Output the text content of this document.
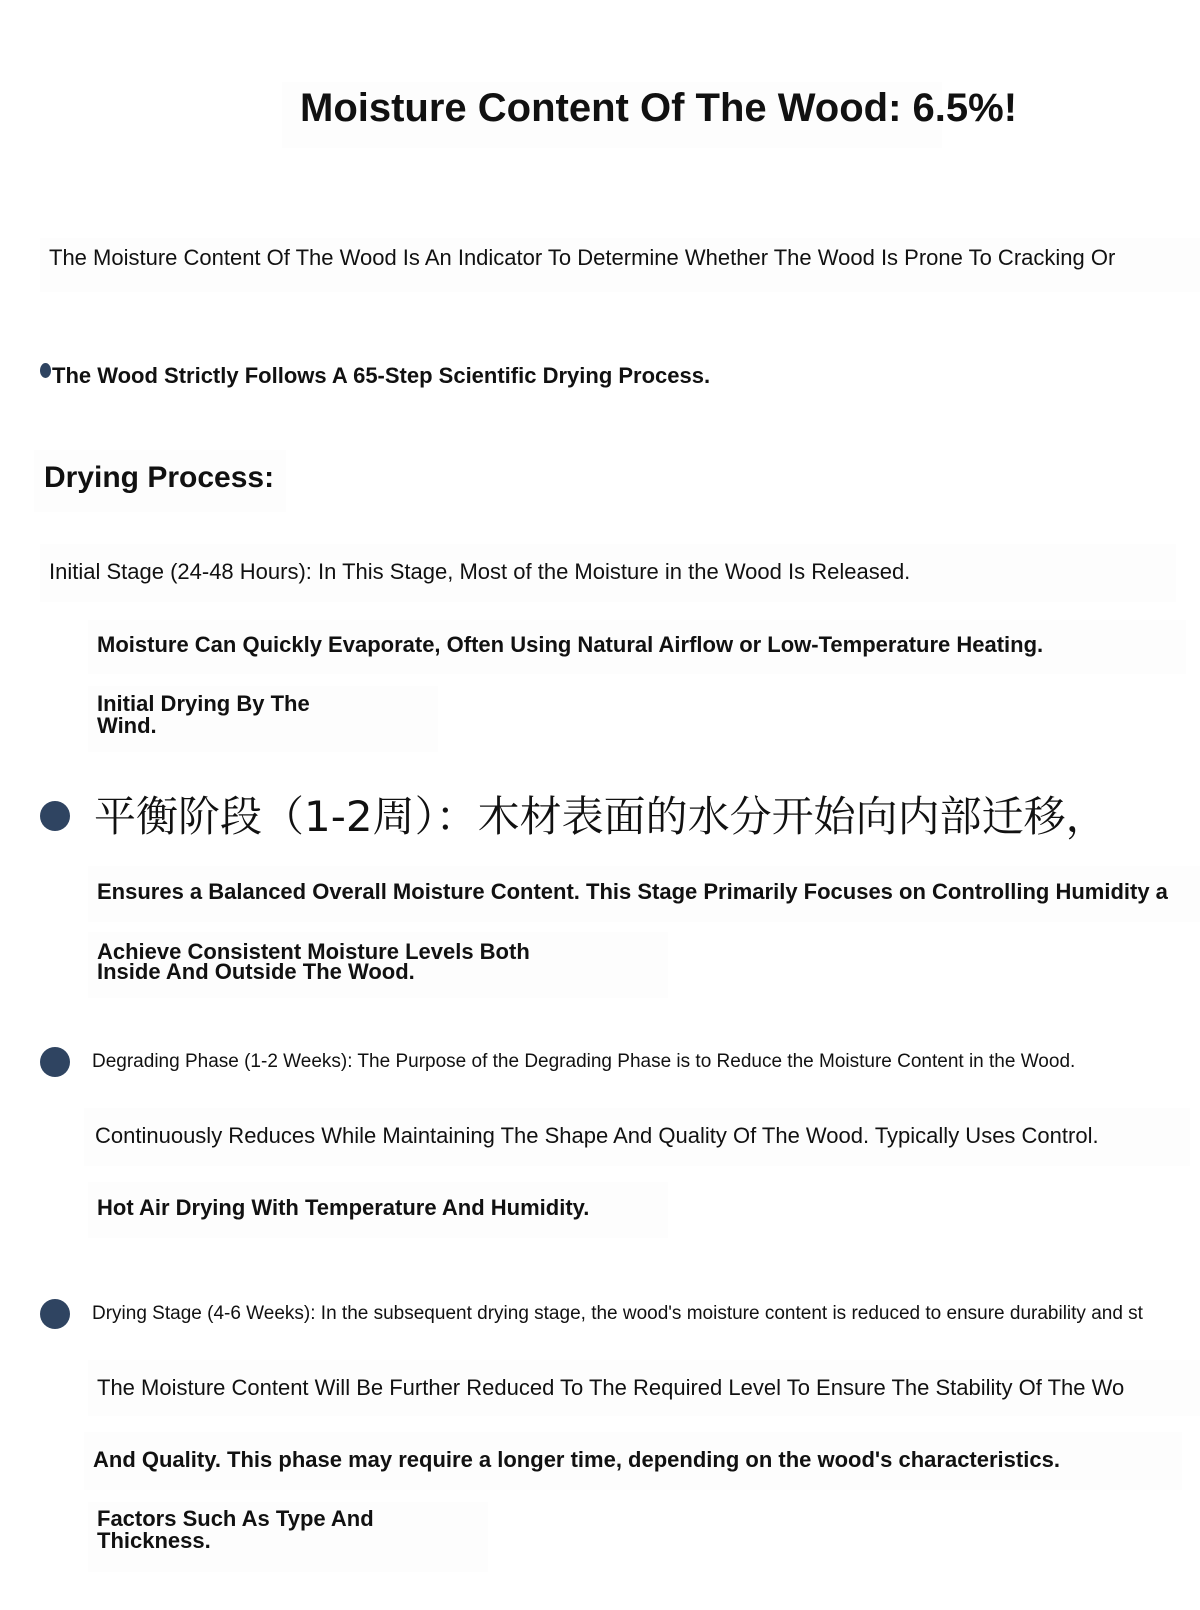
Moisture Content Of The Wood: 6.5%!
The Moisture Content Of The Wood Is An Indicator To Determine Whether The Wood Is Prone To Cracking Or
The Wood Strictly Follows A 65-Step Scientific Drying Process.
Drying Process:
Initial Stage (24-48 Hours): In This Stage, Most of the Moisture in the Wood Is Released.
Moisture Can Quickly Evaporate, Often Using Natural Airflow or Low-Temperature Heating.
Initial Drying By The
Wind.
平衡阶段（1-2周）：木材表面的水分开始向内部迁移，
Ensures a Balanced Overall Moisture Content. This Stage Primarily Focuses on Controlling Humidity a
Achieve Consistent Moisture Levels Both
Inside And Outside The Wood.
Degrading Phase (1-2 Weeks): The Purpose of the Degrading Phase is to Reduce the Moisture Content in the Wood.
Continuously Reduces While Maintaining The Shape And Quality Of The Wood. Typically Uses Control.
Hot Air Drying With Temperature And Humidity.
Drying Stage (4-6 Weeks): In the subsequent drying stage, the wood's moisture content is reduced to ensure durability and st
The Moisture Content Will Be Further Reduced To The Required Level To Ensure The Stability Of The Wo
And Quality. This phase may require a longer time, depending on the wood's characteristics.
Factors Such As Type And
Thickness.
